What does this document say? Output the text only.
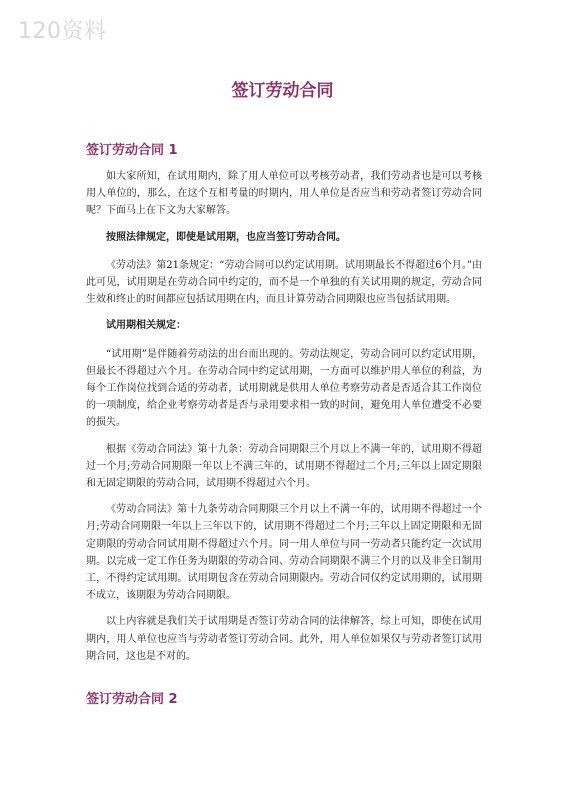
120资料
签订劳动合同
签订劳动合同 1

如大家所知，在试用期内，除了用人单位可以考核劳动者，我们劳动者也是可以考核用人单位的，那么，在这个互相考量的时期内，用人单位是否应当和劳动者签订劳动合同呢？下面马上在下文为大家解答。

按照法律规定，即使是试用期，也应当签订劳动合同。

《劳动法》第21条规定：“劳动合同可以约定试用期。试用期最长不得超过6个月。”由此可见，试用期是在劳动合同中约定的，而不是一个单独的有关试用期的规定，劳动合同生效和终止的时间都应包括试用期在内，而且计算劳动合同期限也应当包括试用期。

试用期相关规定：

“试用期”是伴随着劳动法的出台而出现的。劳动法规定，劳动合同可以约定试用期，但最长不得超过六个月。在劳动合同中约定试用期，一方面可以维护用人单位的利益，为每个工作岗位找到合适的劳动者，试用期就是供用人单位考察劳动者是否适合其工作岗位的一项制度，给企业考察劳动者是否与录用要求相一致的时间，避免用人单位遭受不必要的损失。

根据《劳动合同法》第十九条：劳动合同期限三个月以上不满一年的，试用期不得超过一个月;劳动合同期限一年以上不满三年的，试用期不得超过二个月;三年以上固定期限和无固定期限的劳动合同，试用期不得超过六个月。

《劳动合同法》第十九条劳动合同期限三个月以上不满一年的，试用期不得超过一个月;劳动合同期限一年以上三年以下的，试用期不得超过二个月;三年以上固定期限和无固定期限的劳动合同试用期不得超过六个月。同一用人单位与同一劳动者只能约定一次试用期。以完成一定工作任务为期限的劳动合同、劳动合同期限不满三个月的以及非全日制用工，不得约定试用期。试用期包含在劳动合同期限内。劳动合同仅约定试用期的，试用期不成立，该期限为劳动合同期限。

以上内容就是我们关于试用期是否签订劳动合同的法律解答，综上可知，即使在试用期内，用人单位也应当与劳动者签订劳动合同。此外，用人单位如果仅与劳动者签订试用期合同，这也是不对的。

签订劳动合同 2
